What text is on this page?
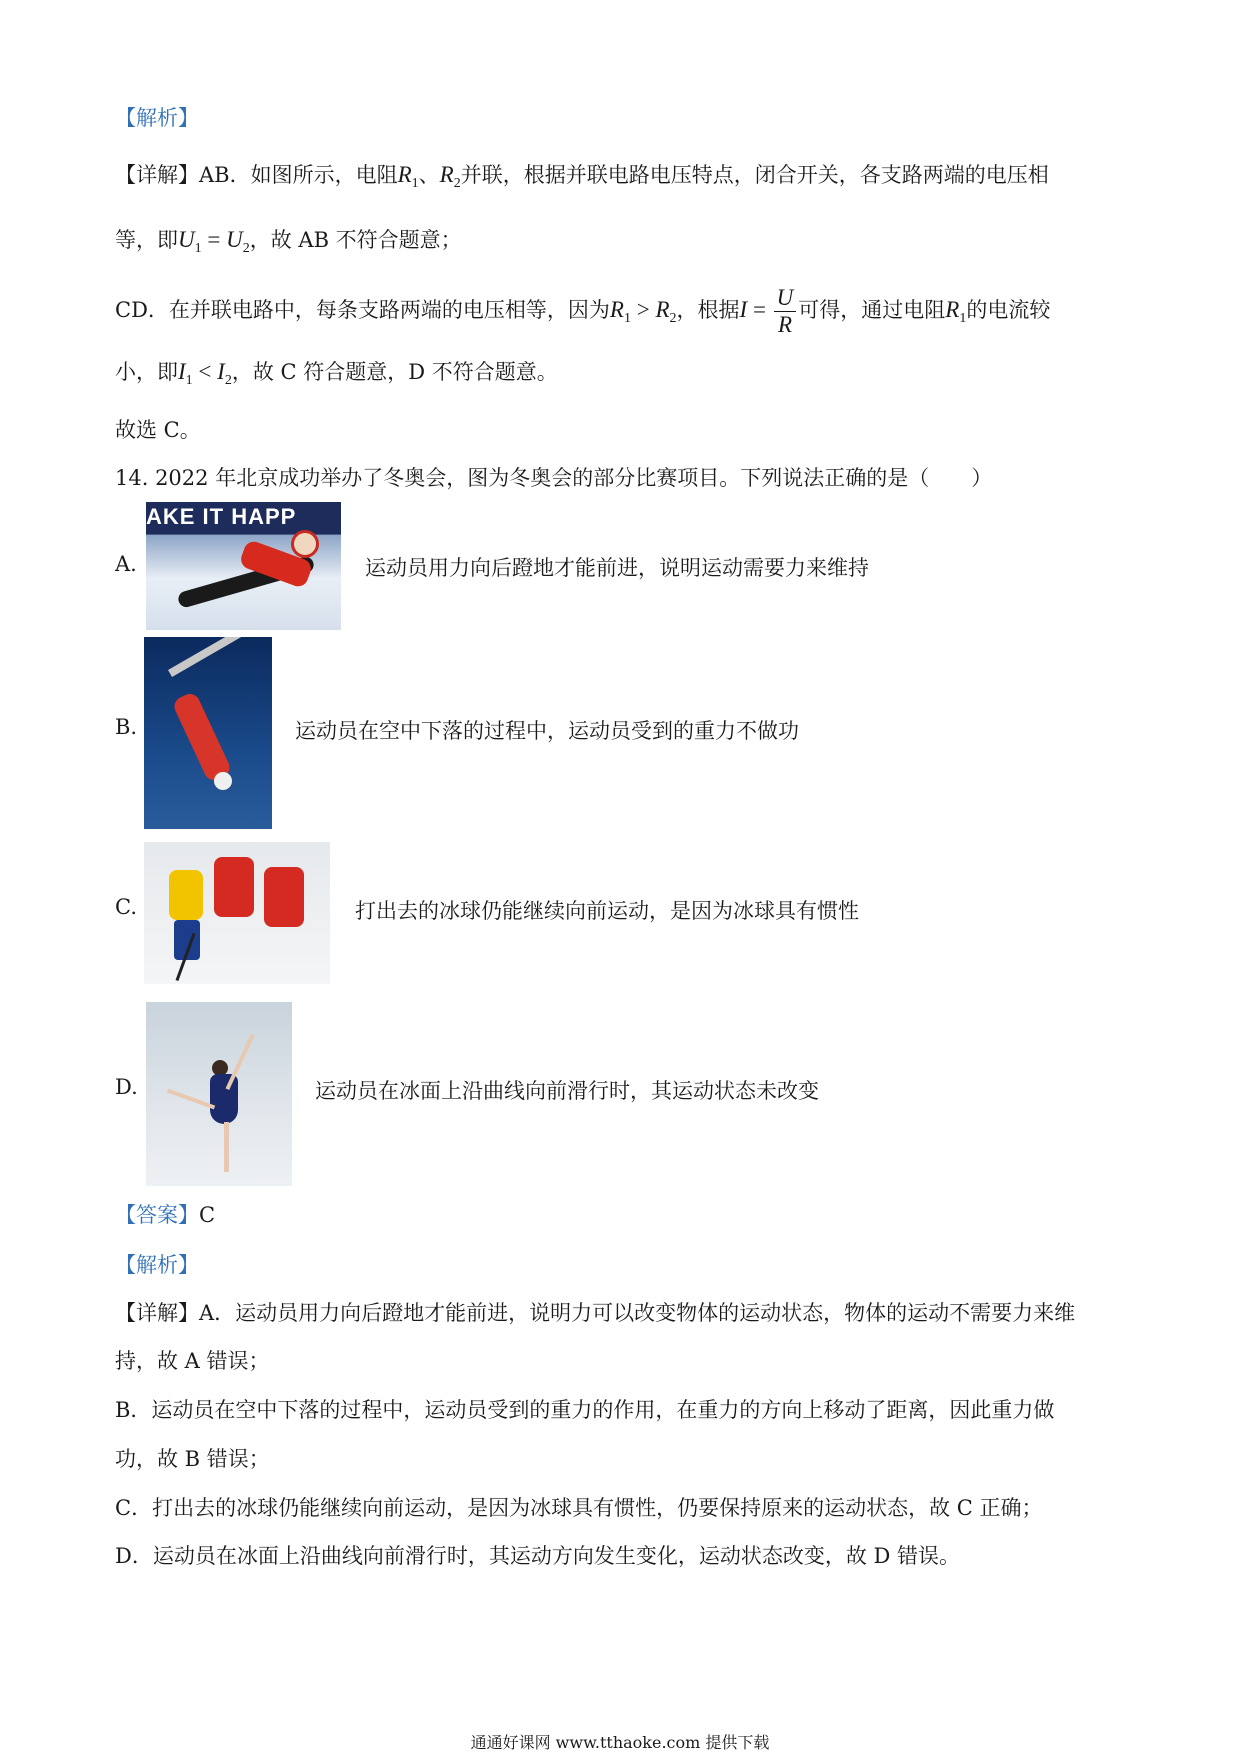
【解析】
【详解】AB．如图所示，电阻$R_1$、$R_2$并联，根据并联电路电压特点，闭合开关，各支路两端的电压相
等，即$U_1 = U_2$，故 AB 不符合题意；
CD．在并联电路中，每条支路两端的电压相等，因为$R_1 > R_2$，根据$I = \frac{U}{R}$ 可得，通过电阻$R_1$的电流较
小，即$I_1 < I_2$，故 C 符合题意，D 不符合题意。
故选 C。
14. 2022 年北京成功举办了冬奥会，图为冬奥会的部分比赛项目。下列说法正确的是（　　）
AKE IT HAPP
A.	运动员用力向后蹬地才能前进，说明运动需要力来维持
B.	运动员在空中下落的过程中，运动员受到的重力不做功
C.	打出去的冰球仍能继续向前运动，是因为冰球具有惯性
D.	运动员在冰面上沿曲线向前滑行时，其运动状态未改变
【答案】C
【解析】
【详解】A．运动员用力向后蹬地才能前进，说明力可以改变物体的运动状态，物体的运动不需要力来维
持，故 A 错误；
B．运动员在空中下落的过程中，运动员受到的重力的作用，在重力的方向上移动了距离，因此重力做
功，故 B 错误；
C．打出去的冰球仍能继续向前运动，是因为冰球具有惯性，仍要保持原来的运动状态，故 C 正确；
D．运动员在冰面上沿曲线向前滑行时，其运动方向发生变化，运动状态改变，故 D 错误。
通通好课网 www.tthaoke.com 提供下载
